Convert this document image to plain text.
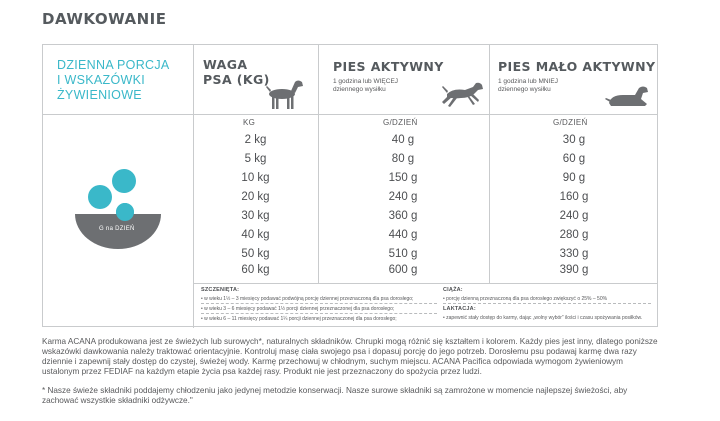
DAWKOWANIE
DZIENNA PORCJA
I WSKAZÓWKI
ŻYWIENIOWE
G na DZIEŃ
WAGA
PSA (KG)
PIES AKTYWNY
1 godzina lub WIĘCEJ
dziennego wysiłku
PIES MAŁO AKTYWNY
1 godzina lub MNIEJ
dziennego wysiłku
KG	G/DZIEŃ	G/DZIEŃ
2 kg	40 g	30 g
5 kg	80 g	60 g
10 kg	150 g	90 g
20 kg	240 g	160 g
30 kg	360 g	240 g
40 kg	440 g	280 g
50 kg	510 g	330 g
60 kg	600 g	390 g
SZCZENIĘTA:
• w wieku 1½ – 3 miesięcy podawać podwójną porcję dziennej przeznaczoną dla psa dorosłego;
• w wieku 3 – 6 miesięcy podawać 1½ porcji dziennej przeznaczonej dla psa dorosłego;
• w wieku 6 – 11 miesięcy podawać 1¼ porcji dziennej przeznaczonej dla psa dorosłego;
CIĄŻA:
• porcję dzienną przeznaczoną dla psa dorosłego zwiększyć o 25% – 50%
LAKTACJA:
• zapewnić stały dostęp do karmy, dając „wolny wybór” ilości i czasu spożywania posiłków.
Karma ACANA produkowana jest ze świeżych lub surowych*, naturalnych składników. Chrupki mogą różnić się kształtem i kolorem. Każdy pies jest inny, dlatego poniższe wskazówki dawkowania należy traktować orientacyjnie. Kontroluj masę ciała swojego psa i dopasuj porcję do jego potrzeb. Dorosłemu psu podawaj karmę dwa razy dziennie i zapewnij stały dostęp do czystej, świeżej wody. Karmę przechowuj w chłodnym, suchym miejscu. ACANA Pacifica odpowiada wymogom żywieniowym ustalonym przez FEDIAF na każdym etapie życia psa każdej rasy. Produkt nie jest przeznaczony do spożycia przez ludzi.
* Nasze świeże składniki poddajemy chłodzeniu jako jedynej metodzie konserwacji. Nasze surowe składniki są zamrożone w momencie najlepszej świeżości, aby zachować wszystkie składniki odżywcze."
